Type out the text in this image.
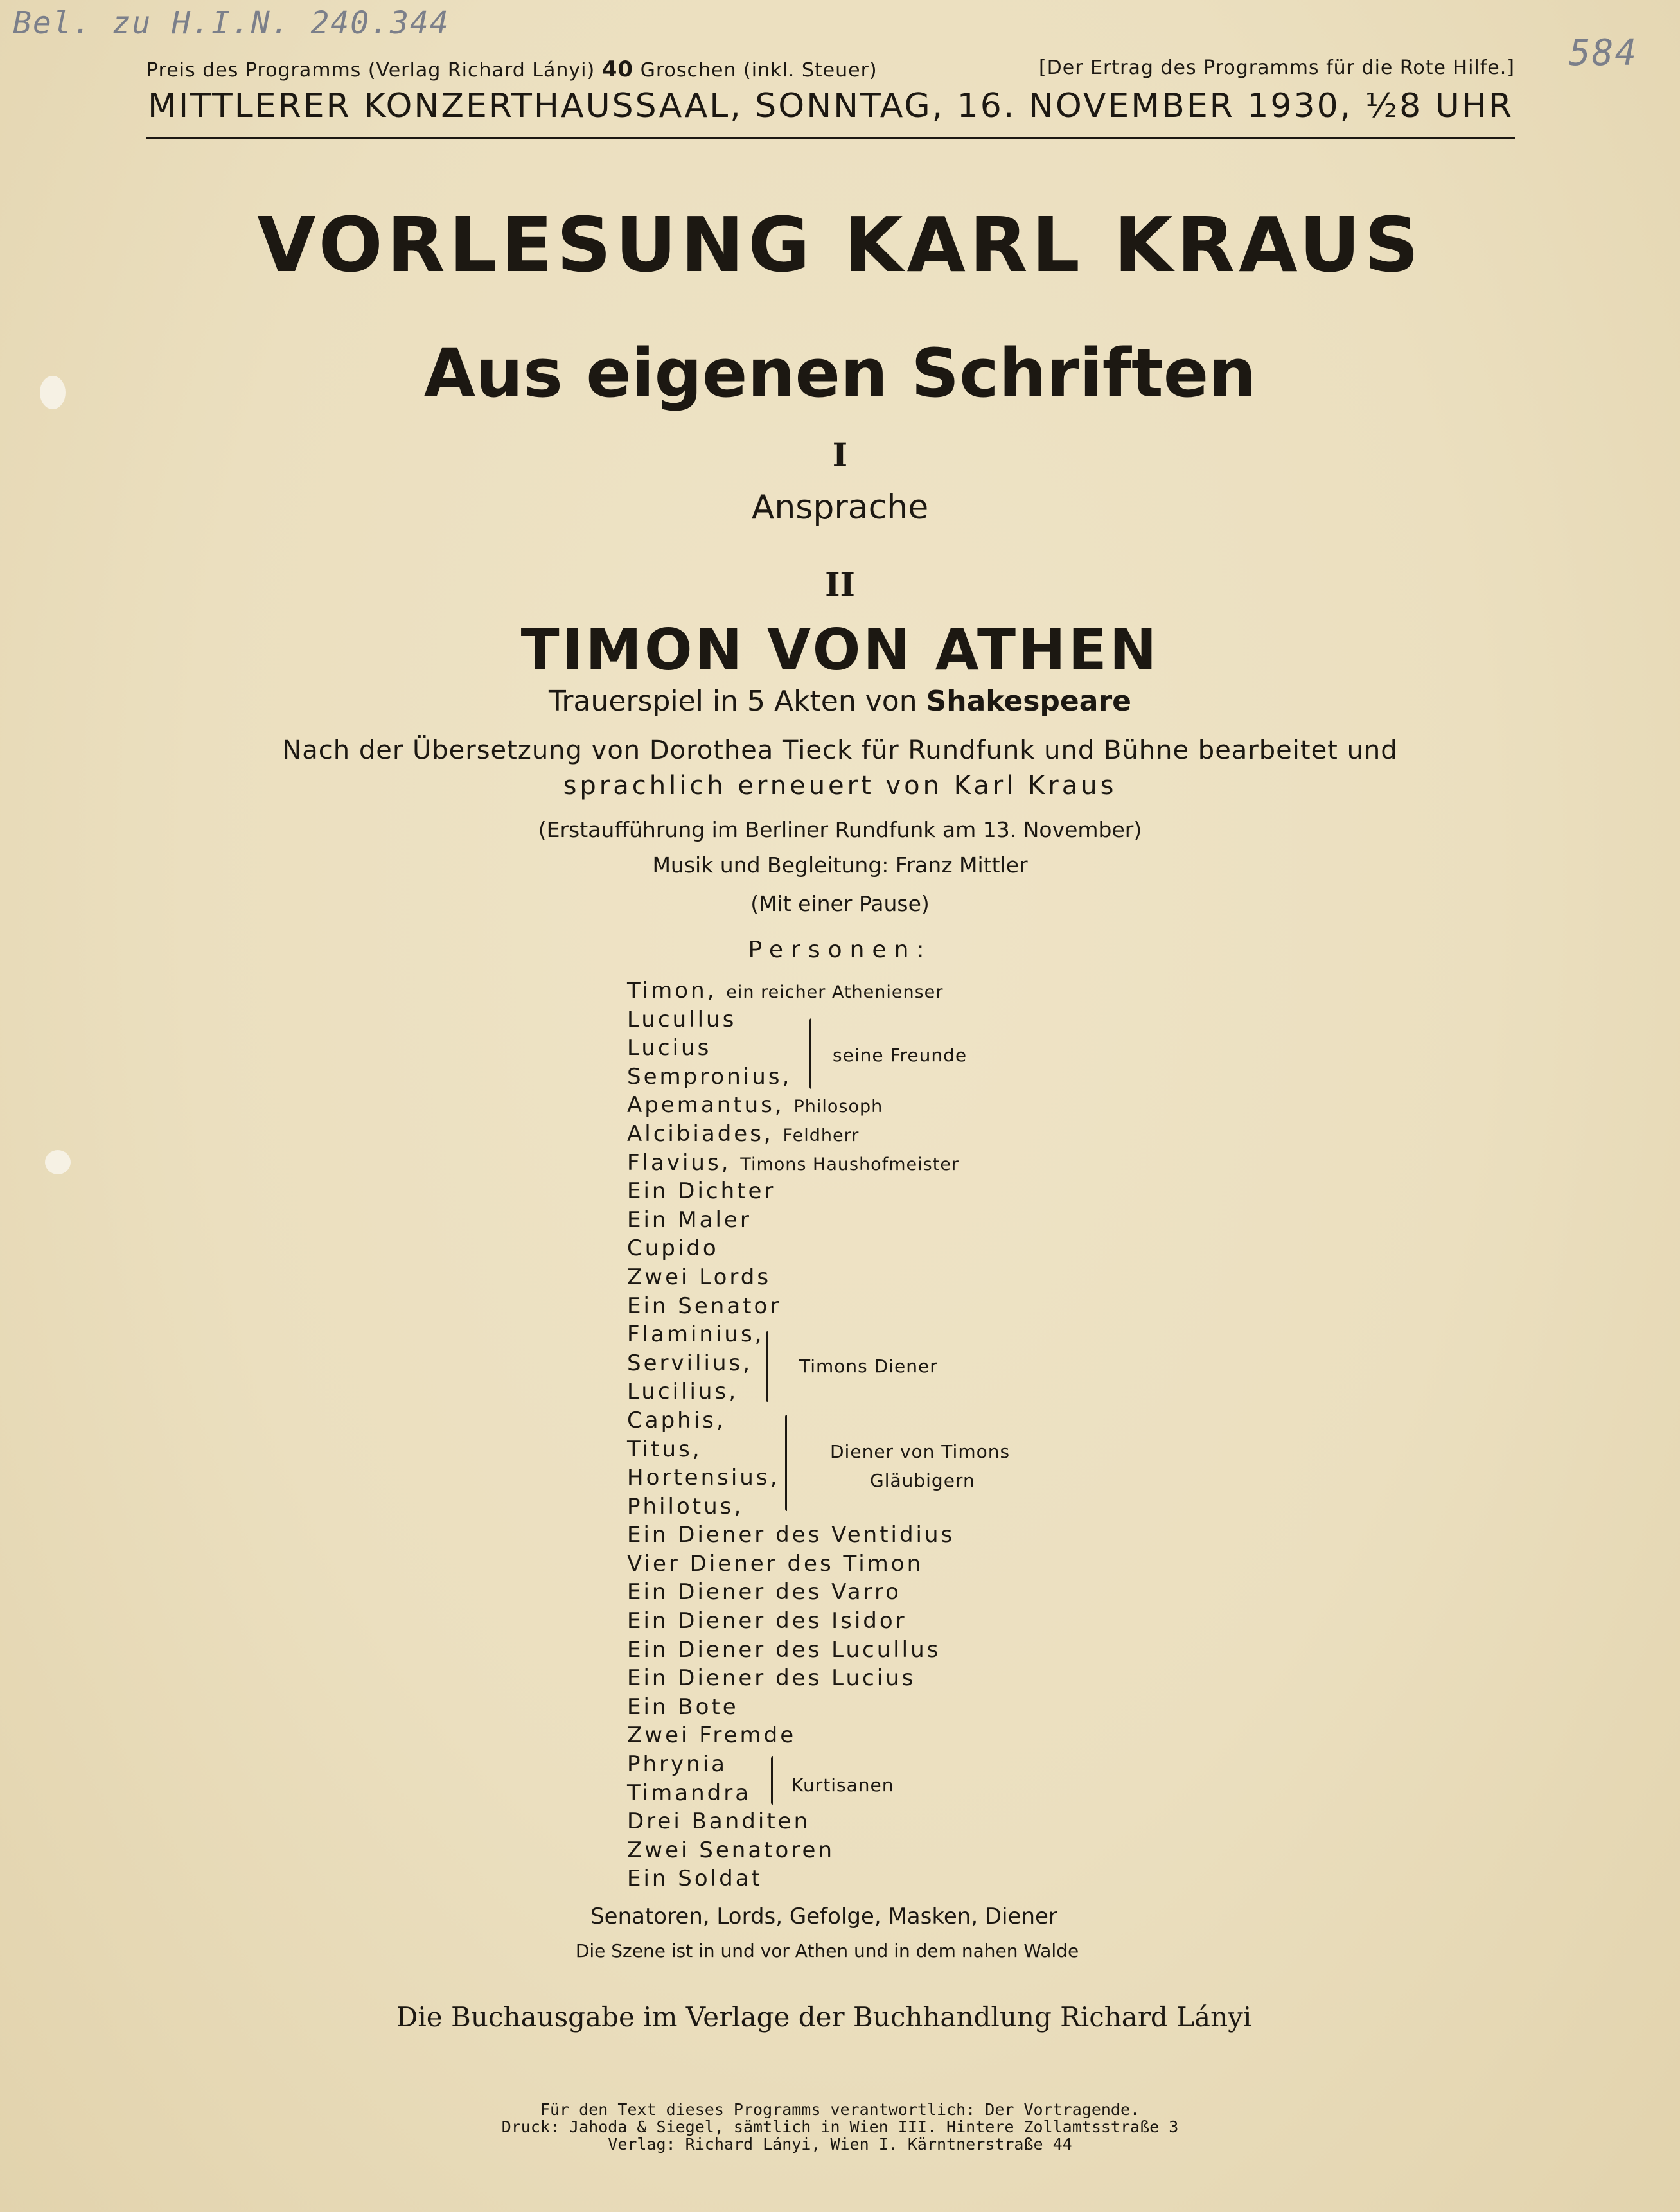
Bel. zu H.I.N. 240.344
584
Preis des Programms (Verlag Richard Lányi) 40 Groschen (inkl. Steuer)	[Der Ertrag des Programms für die Rote Hilfe.]
MITTLERER KONZERTHAUSSAAL, SONNTAG, 16. NOVEMBER 1930, ½8 UHR
VORLESUNG KARL KRAUS
Aus eigenen Schriften
I
Ansprache
II
TIMON VON ATHEN
Trauerspiel in 5 Akten von Shakespeare
Nach der Übersetzung von Dorothea Tieck für Rundfunk und Bühne bearbeitet und
sprachlich erneuert von Karl Kraus
(Erstaufführung im Berliner Rundfunk am 13. November)
Musik und Begleitung: Franz Mittler
(Mit einer Pause)
Personen:
Timon, ein reicher Athenienser
Lucullus
Lucius
Sempronius,
Apemantus, Philosoph
Alcibiades, Feldherr
Flavius, Timons Haushofmeister
Ein Dichter
Ein Maler
Cupido
Zwei Lords
Ein Senator
Flaminius,
Servilius,
Lucilius,
Caphis,
Titus,
Hortensius,
Philotus,
Ein Diener des Ventidius
Vier Diener des Timon
Ein Diener des Varro
Ein Diener des Isidor
Ein Diener des Lucullus
Ein Diener des Lucius
Ein Bote
Zwei Fremde
Phrynia
Timandra
Drei Banditen
Zwei Senatoren
Ein Soldat
seine Freunde
Timons Diener
Diener von Timons
Gläubigern
Kurtisanen
Senatoren, Lords, Gefolge, Masken, Diener
Die Szene ist in und vor Athen und in dem nahen Walde
Die Buchausgabe im Verlage der Buchhandlung Richard Lányi
Für den Text dieses Programms verantwortlich: Der Vortragende.
Druck: Jahoda & Siegel, sämtlich in Wien III. Hintere Zollamtsstraße 3
Verlag: Richard Lányi, Wien I. Kärntnerstraße 44
